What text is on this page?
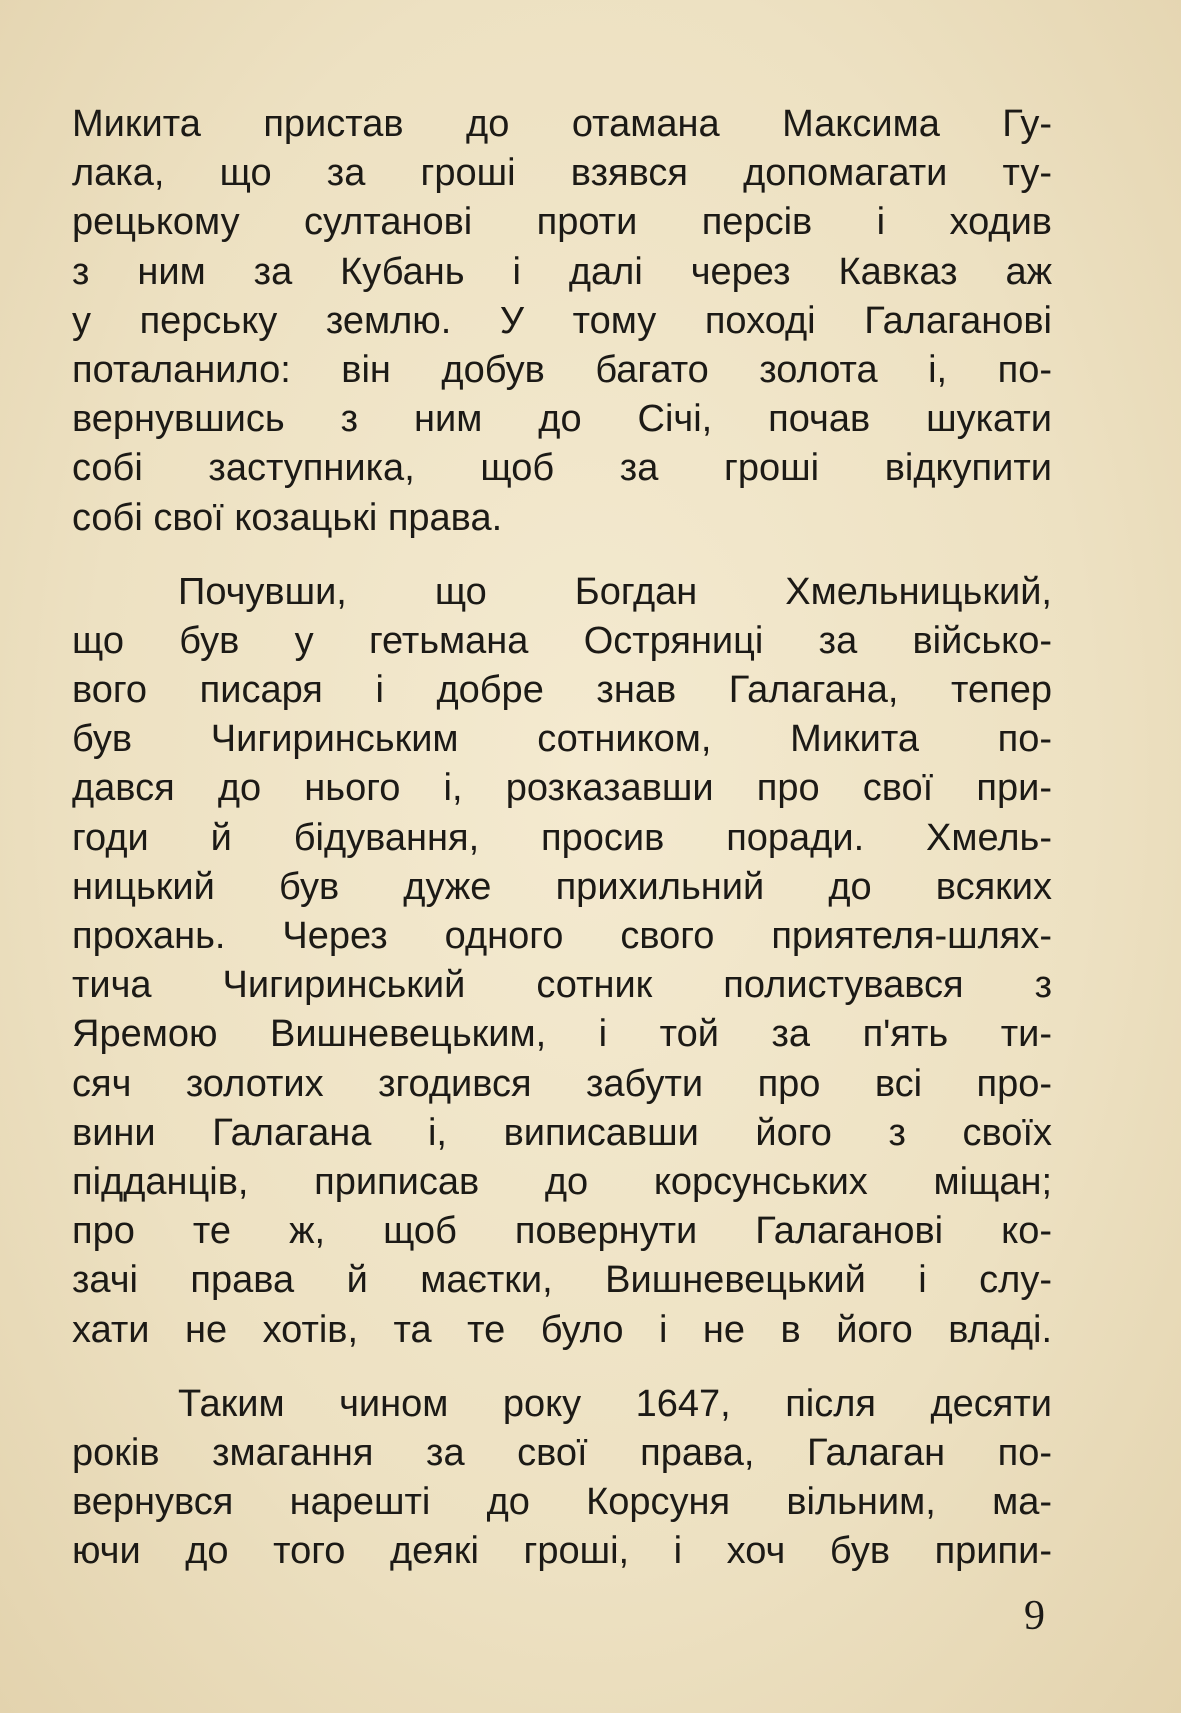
Микита пристав до отамана Максима Гу-
лака, що за гроші взявся допомагати ту-
рецькому султанові проти персів і ходив
з ним за Кубань і далі через Кавказ аж
у перську землю. У тому поході Галаганові
поталанило: він добув багато золота і, по-
вернувшись з ним до Січі, почав шукати
собі заступника, щоб за гроші відкупити
собі свої козацькі права.
Почувши, що Богдан Хмельницький,
що був у гетьмана Остряниці за військо-
вого писаря і добре знав Галагана, тепер
був Чигиринським сотником, Микита по-
дався до нього і, розказавши про свої при-
годи й бідування, просив поради. Хмель-
ницький був дуже прихильний до всяких
прохань. Через одного свого приятеля-шлях-
тича Чигиринський сотник полистувався з
Яремою Вишневецьким, і той за п'ять ти-
сяч золотих згодився забути про всі про-
вини Галагана і, виписавши його з своїх
підданців, приписав до корсунських міщан;
про те ж, щоб повернути Галаганові ко-
зачі права й маєтки, Вишневецький і слу-
хати не хотів, та те було і не в його владі.
Таким чином року 1647, після десяти
років змагання за свої права, Галаган по-
вернувся нарешті до Корсуня вільним, ма-
ючи до того деякі гроші, і хоч був припи-
9
